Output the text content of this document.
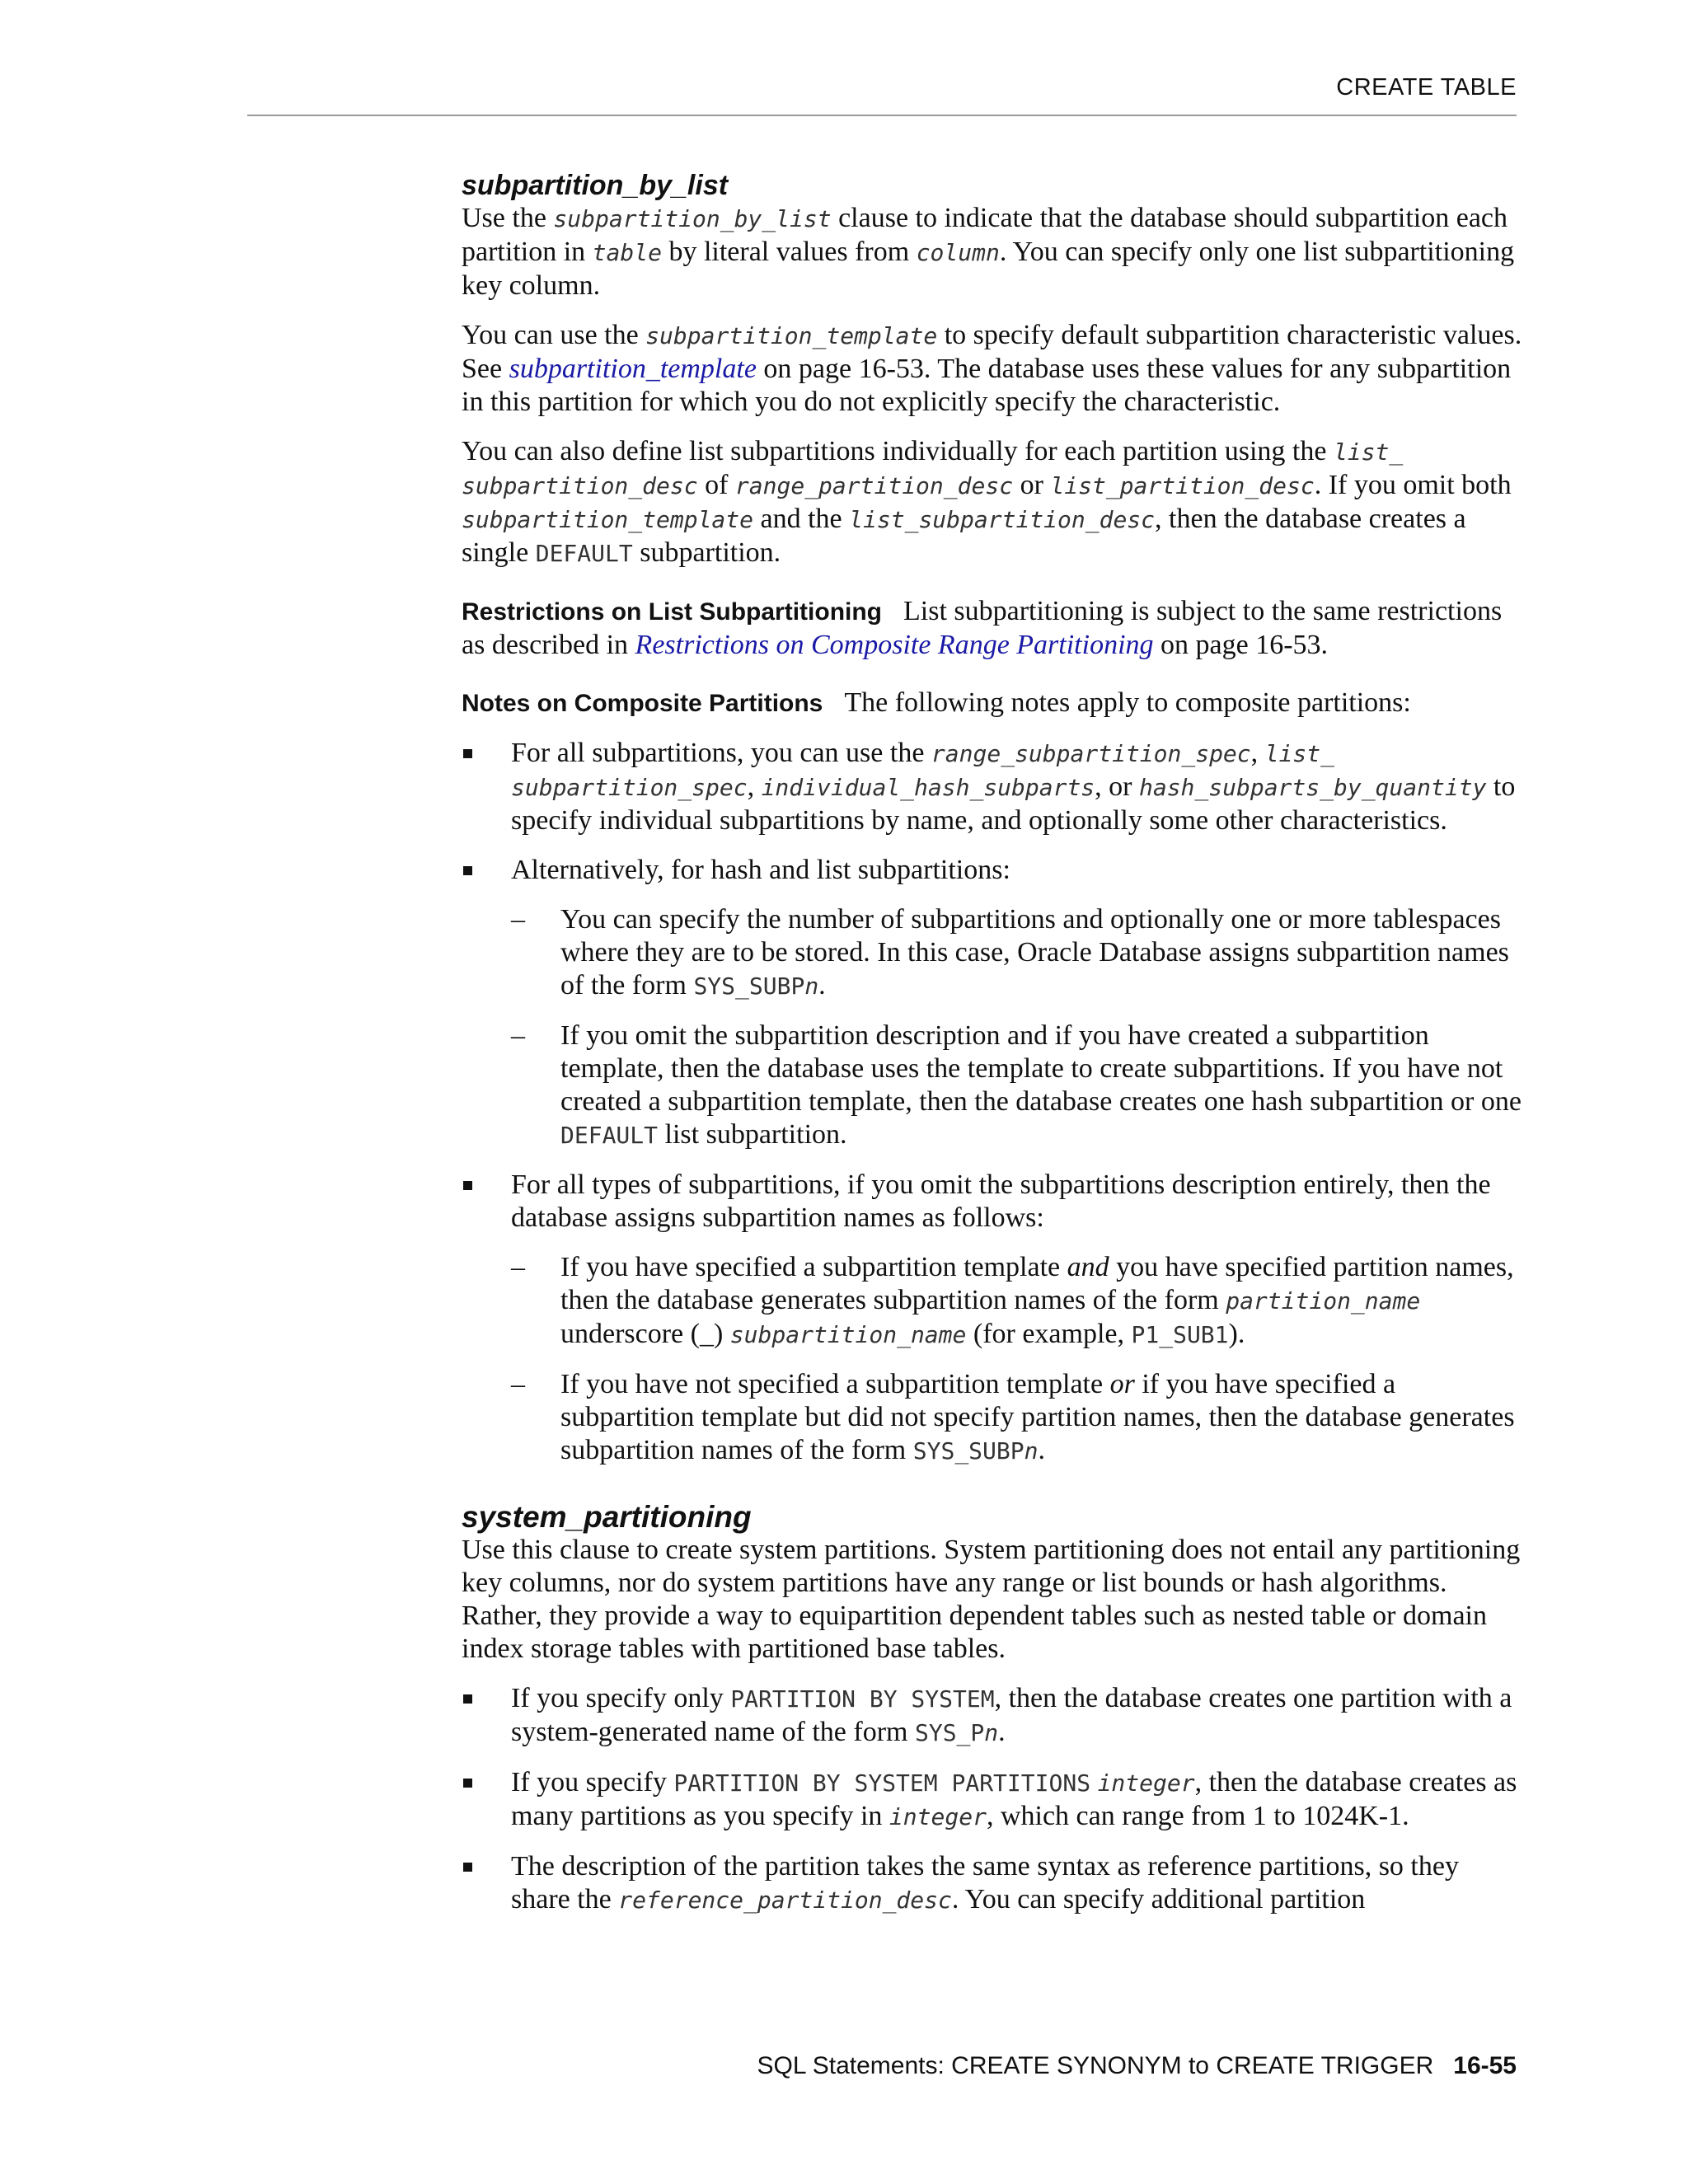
CREATE TABLE
subpartition_by_list

Use the subpartition_by_list clause to indicate that the database should subpartition each partition in table by literal values from column. You can specify only one list subpartitioning key column.

You can use the subpartition_template to specify default subpartition characteristic values. See subpartition_template on page 16-53. The database uses these values for any subpartition in this partition for which you do not explicitly specify the characteristic.

You can also define list subpartitions individually for each partition using the list_ subpartition_desc of range_partition_desc or list_partition_desc. If you omit both subpartition_template and the list_subpartition_desc, then the database creates a single DEFAULT subpartition.

Restrictions on List Subpartitioning List subpartitioning is subject to the same restrictions as described in Restrictions on Composite Range Partitioning on page 16-53.

Notes on Composite Partitions The following notes apply to composite partitions:

For all subpartitions, you can use the range_subpartition_spec, list_ subpartition_spec, individual_hash_subparts, or hash_subparts_by_quantity to specify individual subpartitions by name, and optionally some other characteristics.
Alternatively, for hash and list subpartitions:
– You can specify the number of subpartitions and optionally one or more tablespaces where they are to be stored. In this case, Oracle Database assigns subpartition names of the form SYS_SUBPn.
– If you omit the subpartition description and if you have created a subpartition template, then the database uses the template to create subpartitions. If you have not created a subpartition template, then the database creates one hash subpartition or one DEFAULT list subpartition.
For all types of subpartitions, if you omit the subpartitions description entirely, then the database assigns subpartition names as follows:
– If you have specified a subpartition template and you have specified partition names, then the database generates subpartition names of the form partition_name underscore (_) subpartition_name (for example, P1_SUB1).
– If you have not specified a subpartition template or if you have specified a subpartition template but did not specify partition names, then the database generates subpartition names of the form SYS_SUBPn.
system_partitioning

Use this clause to create system partitions. System partitioning does not entail any partitioning key columns, nor do system partitions have any range or list bounds or hash algorithms. Rather, they provide a way to equipartition dependent tables such as nested table or domain index storage tables with partitioned base tables.

If you specify only PARTITION BY SYSTEM, then the database creates one partition with a system-generated name of the form SYS_Pn.
If you specify PARTITION BY SYSTEM PARTITIONS integer, then the database creates as many partitions as you specify in integer, which can range from 1 to 1024K-1.
The description of the partition takes the same syntax as reference partitions, so they share the reference_partition_desc. You can specify additional partition
SQL Statements: CREATE SYNONYM to CREATE TRIGGER 16-55
